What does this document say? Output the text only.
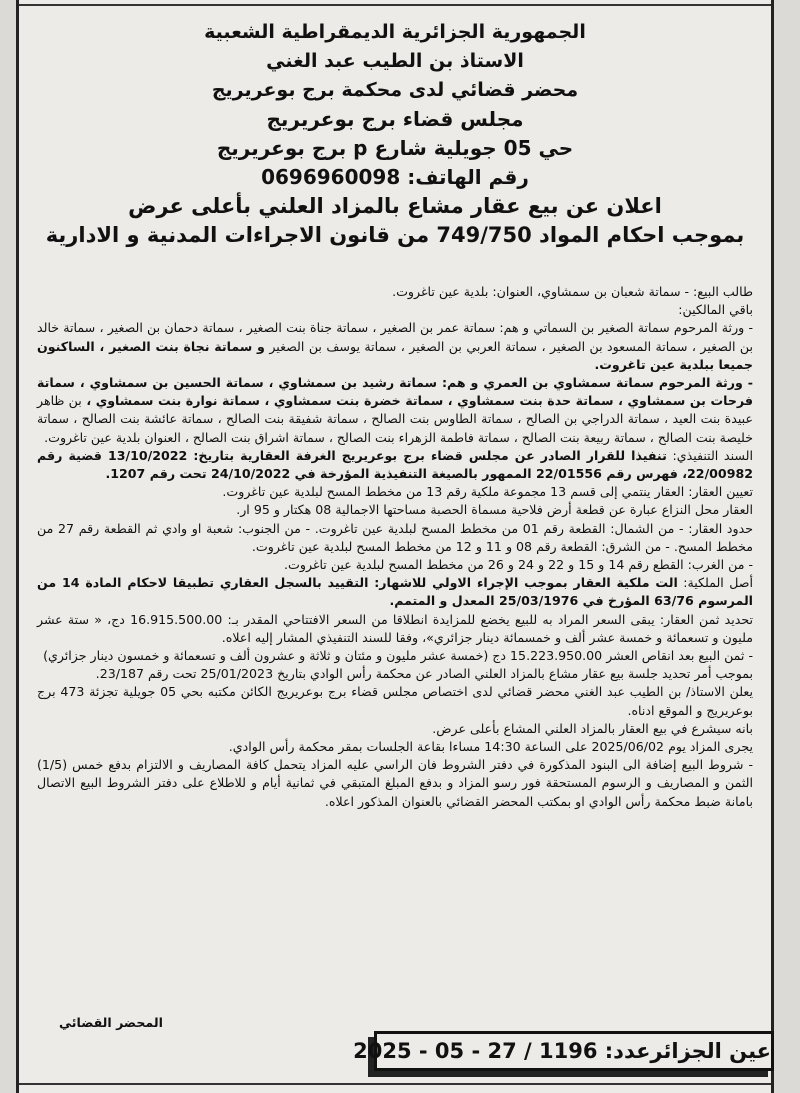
الجمهورية الجزائرية الديمقراطية الشعبية

الاستاذ بن الطيب عبد الغني

محضر قضائي لدى محكمة برج بوعريريج

مجلس قضاء برج بوعريريج

حي 05 جويلية شارع p برج بوعريريج

رقم الهاتف: 0696960098

اعلان عن بيع عقار مشاع بالمزاد العلني بأعلى عرض

بموجب احكام المواد 749/750 من قانون الاجراءات المدنية و الادارية

طالب البيع: - سماتة شعبان بن سمشاوي، العنوان: بلدية عين تاغروت.

باقي المالكين:

- ورثة المرحوم سماتة الصغير بن السماتي و هم: سماتة عمر بن الصغير ، سماتة جناة بنت الصغير ، سماتة دحمان بن الصغير ، سماتة خالد بن الصغير ، سماتة المسعود بن الصغير ، سماتة العربي بن الصغير ، سماتة يوسف بن الصغير و سماتة نجاة بنت الصغير ، الساكنون جميعا ببلدية عين تاغروت.

- ورثة المرحوم سماتة سمشاوي بن العمري و هم: سماتة رشيد بن سمشاوي ، سماتة الحسين بن سمشاوي ، سماتة فرحات بن سمشاوي ، سماتة حدة بنت سمشاوي ، سماتة خضرة بنت سمشاوي ، سماتة نوارة بنت سمشاوي ، بن ظاهر عبيدة بنت العيد ، سماتة الدراجي بن الصالح ، سماتة الطاوس بنت الصالح ، سماتة شفيقة بنت الصالح ، سماتة عائشة بنت الصالح ، سماتة خليصة بنت الصالح ، سماتة ربيعة بنت الصالح ، سماتة فاطمة الزهراء بنت الصالح ، سماتة اشراق بنت الصالح ، العنوان بلدية عين تاغروت.

السند التنفيذي: تنفيذا للقرار الصادر عن مجلس قضاء برج بوعريريج الغرفة العقارية بتاريخ: 13/10/2022 قضية رقم 22/00982، فهرس رقم 22/01556 الممهور بالصيغة التنفيذية المؤرخة في 24/10/2022 تحت رقم 1207.

تعيين العقار: العقار ينتمي إلى قسم 13 مجموعة ملكية رقم 13 من مخطط المسح لبلدية عين تاغروت.

العقار محل النزاع عبارة عن قطعة أرض فلاحية مسماة الحصبة مساحتها الاجمالية 08 هكتار و 95 ار.

حدود العقار: - من الشمال: القطعة رقم 01 من مخطط المسح لبلدية عين تاغروت. - من الجنوب: شعبة او وادي ثم القطعة رقم 27 من مخطط المسح. - من الشرق: القطعة رقم 08 و 11 و 12 من مخطط المسح لبلدية عين تاغروت.

- من الغرب: القطع رقم 14 و 15 و 22 و 24 و 26 من مخطط المسح لبلدية عين تاغروت.

أصل الملكية: الت ملكية العقار بموجب الإجراء الاولي للاشهار: التقييد بالسجل العقاري تطبيقا لاحكام المادة 14 من المرسوم 63/76 المؤرخ في 25/03/1976 المعدل و المتمم.

تحديد ثمن العقار: يبقى السعر المراد به للبيع يخضع للمزايدة انطلاقا من السعر الافتتاحي المقدر بـ: 16.915.500.00 دج، « ستة عشر مليون و تسعمائة و خمسة عشر ألف و خمسمائة دينار جزائري»، وفقا للسند التنفيذي المشار إليه اعلاه.

- ثمن البيع بعد انقاص العشر 15.223.950.00 دج (خمسة عشر مليون و مئتان و ثلاثة و عشرون ألف و تسعمائة و خمسون دينار جزائري)

بموجب أمر تحديد جلسة بيع عقار مشاع بالمزاد العلني الصادر عن محكمة رأس الوادي بتاريخ 25/01/2023 تحت رقم 23/187.

يعلن الاستاذ/ بن الطيب عبد الغني محضر قضائي لدى اختصاص مجلس قضاء برج بوعريريج الكائن مكتبه بحي 05 جويلية تجزئة 473 برج بوعريريج و الموقع ادناه.

بانه سيشرع في بيع العقار بالمزاد العلني المشاع بأعلى عرض.

يجرى المزاد يوم 2025/06/02 على الساعة 14:30 مساءا بقاعة الجلسات بمقر محكمة رأس الوادي.

- شروط البيع إضافة الى البنود المذكورة في دفتر الشروط فان الراسي عليه المزاد يتحمل كافة المصاريف و الالتزام بدفع خمس (1/5) الثمن و المصاريف و الرسوم المستحقة فور رسو المزاد و بدفع المبلغ المتبقي في ثمانية أيام و للاطلاع على دفتر الشروط البيع الاتصال بامانة ضبط محكمة رأس الوادي او بمكتب المحضر القضائي بالعنوان المذكور اعلاه.

المحضر القضائي
عين الجزائرعدد: 1196 / 27 - 05 - 2025
